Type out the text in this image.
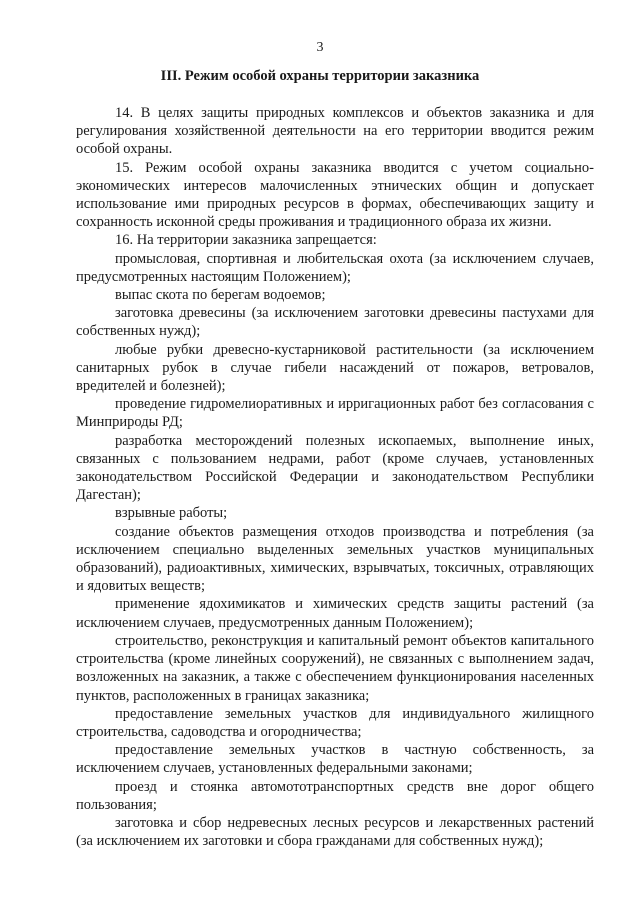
3
III. Режим особой охраны территории заказника

14. В целях защиты природных комплексов и объектов заказника и для регулирования хозяйственной деятельности на его территории вводится режим особой охраны.

15. Режим особой охраны заказника вводится с учетом социально-экономических интересов малочисленных этнических общин и допускает использование ими природных ресурсов в формах, обеспечивающих защиту и сохранность исконной среды проживания и традиционного образа их жизни.

16. На территории заказника запрещается:

промысловая, спортивная и любительская охота (за исключением случаев, предусмотренных настоящим Положением);

выпас скота по берегам водоемов;

заготовка древесины (за исключением заготовки древесины пастухами для собственных нужд);

любые рубки древесно-кустарниковой растительности (за исключением санитарных рубок в случае гибели насаждений от пожаров, ветровалов, вредителей и болезней);

проведение гидромелиоративных и ирригационных работ без согласования с Минприроды РД;

разработка месторождений полезных ископаемых, выполнение иных, связанных с пользованием недрами, работ (кроме случаев, установленных законодательством Российской Федерации и законодательством Республики Дагестан);

взрывные работы;

создание объектов размещения отходов производства и потребления (за исключением специально выделенных земельных участков муниципальных образований), радиоактивных, химических, взрывчатых, токсичных, отравляющих и ядовитых веществ;

применение ядохимикатов и химических средств защиты растений (за исключением случаев, предусмотренных данным Положением);

строительство, реконструкция и капитальный ремонт объектов капитального строительства (кроме линейных сооружений), не связанных с выполнением задач, возложенных на заказник, а также с обеспечением функционирования населенных пунктов, расположенных в границах заказника;

предоставление земельных участков для индивидуального жилищного строительства, садоводства и огородничества;

предоставление земельных участков в частную собственность, за исключением случаев, установленных федеральными законами;

проезд и стоянка автомототранспортных средств вне дорог общего пользования;

заготовка и сбор недревесных лесных ресурсов и лекарственных растений (за исключением их заготовки и сбора гражданами для собственных нужд);
